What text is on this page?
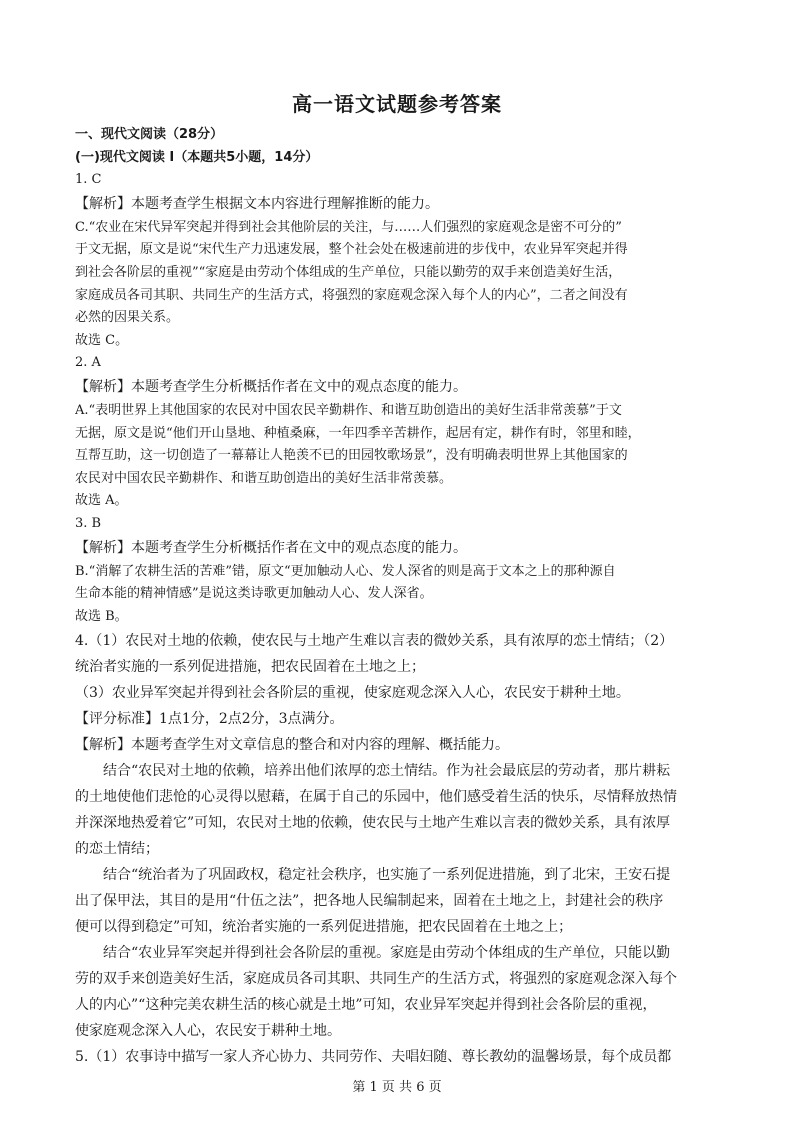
高一语文试题参考答案
一、现代文阅读（28分）
(一)现代文阅读 I（本题共5小题，14分）
1. C
【解析】本题考查学生根据文本内容进行理解推断的能力。
C.“农业在宋代异军突起并得到社会其他阶层的关注，与……人们强烈的家庭观念是密不可分的”
于文无据，原文是说“宋代生产力迅速发展，整个社会处在极速前进的步伐中，农业异军突起并得
到社会各阶层的重视”“家庭是由劳动个体组成的生产单位，只能以勤劳的双手来创造美好生活，
家庭成员各司其职、共同生产的生活方式，将强烈的家庭观念深入每个人的内心”，二者之间没有
必然的因果关系。
故选 C。
2. A
【解析】本题考查学生分析概括作者在文中的观点态度的能力。
A.“表明世界上其他国家的农民对中国农民辛勤耕作、和谐互助创造出的美好生活非常羡慕”于文
无据，原文是说“他们开山垦地、种植桑麻，一年四季辛苦耕作，起居有定，耕作有时，邻里和睦，
互帮互助，这一切创造了一幕幕让人艳羡不已的田园牧歌场景”，没有明确表明世界上其他国家的
农民对中国农民辛勤耕作、和谐互助创造出的美好生活非常羡慕。
故选 A。
3. B
【解析】本题考查学生分析概括作者在文中的观点态度的能力。
B.“消解了农耕生活的苦难”错，原文“更加触动人心、发人深省的则是高于文本之上的那种源自
生命本能的精神情感”是说这类诗歌更加触动人心、发人深省。
故选 B。
4.（1）农民对土地的依赖，使农民与土地产生难以言表的微妙关系，具有浓厚的恋土情结；（2）
统治者实施的一系列促进措施，把农民固着在土地之上；
（3）农业异军突起并得到社会各阶层的重视，使家庭观念深入人心，农民安于耕种土地。
【评分标准】1点1分，2点2分，3点满分。
【解析】本题考查学生对文章信息的整合和对内容的理解、概括能力。
结合“农民对土地的依赖，培养出他们浓厚的恋土情结。作为社会最底层的劳动者，那片耕耘
的土地使他们悲怆的心灵得以慰藉，在属于自己的乐园中，他们感受着生活的快乐，尽情释放热情
并深深地热爱着它”可知，农民对土地的依赖，使农民与土地产生难以言表的微妙关系，具有浓厚
的恋土情结；
结合“统治者为了巩固政权，稳定社会秩序，也实施了一系列促进措施，到了北宋，王安石提
出了保甲法，其目的是用“什伍之法”，把各地人民编制起来，固着在土地之上，封建社会的秩序
便可以得到稳定”可知，统治者实施的一系列促进措施，把农民固着在土地之上；
结合“农业异军突起并得到社会各阶层的重视。家庭是由劳动个体组成的生产单位，只能以勤
劳的双手来创造美好生活，家庭成员各司其职、共同生产的生活方式，将强烈的家庭观念深入每个
人的内心”“这种完美农耕生活的核心就是土地”可知，农业异军突起并得到社会各阶层的重视，
使家庭观念深入人心，农民安于耕种土地。
5.（1）农事诗中描写一家人齐心协力、共同劳作、夫唱妇随、尊长教幼的温馨场景，每个成员都
第 1 页 共 6 页
